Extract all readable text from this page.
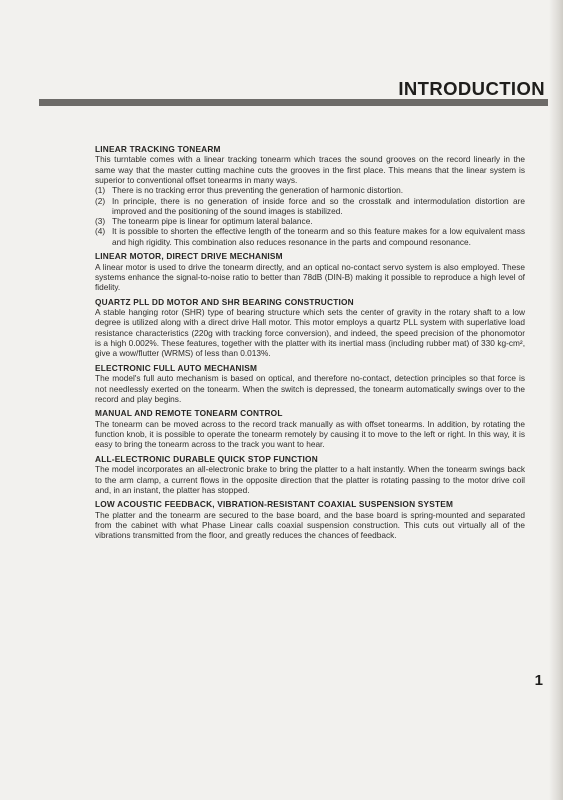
INTRODUCTION
LINEAR TRACKING TONEARM

This turntable comes with a linear tracking tonearm which traces the sound grooves on the record linearly in the same way that the master cutting machine cuts the grooves in the first place. This means that the linear system is superior to conventional offset tonearms in many ways.

(1) There is no tracking error thus preventing the generation of harmonic distortion.
(2) In principle, there is no generation of inside force and so the crosstalk and intermodulation distortion are improved and the positioning of the sound images is stabilized.
(3) The tonearm pipe is linear for optimum lateral balance.
(4) It is possible to shorten the effective length of the tonearm and so this feature makes for a low equivalent mass and high rigidity. This combination also reduces resonance in the parts and compound resonance.
LINEAR MOTOR, DIRECT DRIVE MECHANISM

A linear motor is used to drive the tonearm directly, and an optical no-contact servo system is also employed. These systems enhance the signal-to-noise ratio to better than 78dB (DIN-B) making it possible to reproduce a high level of fidelity.

QUARTZ PLL DD MOTOR AND SHR BEARING CONSTRUCTION

A stable hanging rotor (SHR) type of bearing structure which sets the center of gravity in the rotary shaft to a low degree is utilized along with a direct drive Hall motor. This motor employs a quartz PLL system with superlative load resistance characteristics (220g with tracking force conversion), and indeed, the speed precision of the phonomotor is a high 0.002%. These features, together with the platter with its inertial mass (including rubber mat) of 330 kg-cm², give a wow/flutter (WRMS) of less than 0.013%.

ELECTRONIC FULL AUTO MECHANISM

The model's full auto mechanism is based on optical, and therefore no-contact, detection principles so that force is not needlessly exerted on the tonearm. When the switch is depressed, the tonearm automatically swings over to the record and play begins.

MANUAL AND REMOTE TONEARM CONTROL

The tonearm can be moved across to the record track manually as with offset tonearms. In addition, by rotating the function knob, it is possible to operate the tonearm remotely by causing it to move to the left or right. In this way, it is easy to bring the tonearm across to the track you want to hear.

ALL-ELECTRONIC DURABLE QUICK STOP FUNCTION

The model incorporates an all-electronic brake to bring the platter to a halt instantly. When the tonearm swings back to the arm clamp, a current flows in the opposite direction that the platter is rotating passing to the motor drive coil and, in an instant, the platter has stopped.

LOW ACOUSTIC FEEDBACK, VIBRATION-RESISTANT COAXIAL SUSPENSION SYSTEM

The platter and the tonearm are secured to the base board, and the base board is spring-mounted and separated from the cabinet with what Phase Linear calls coaxial suspension construction. This cuts out virtually all of the vibrations transmitted from the floor, and greatly reduces the chances of feedback.

1
